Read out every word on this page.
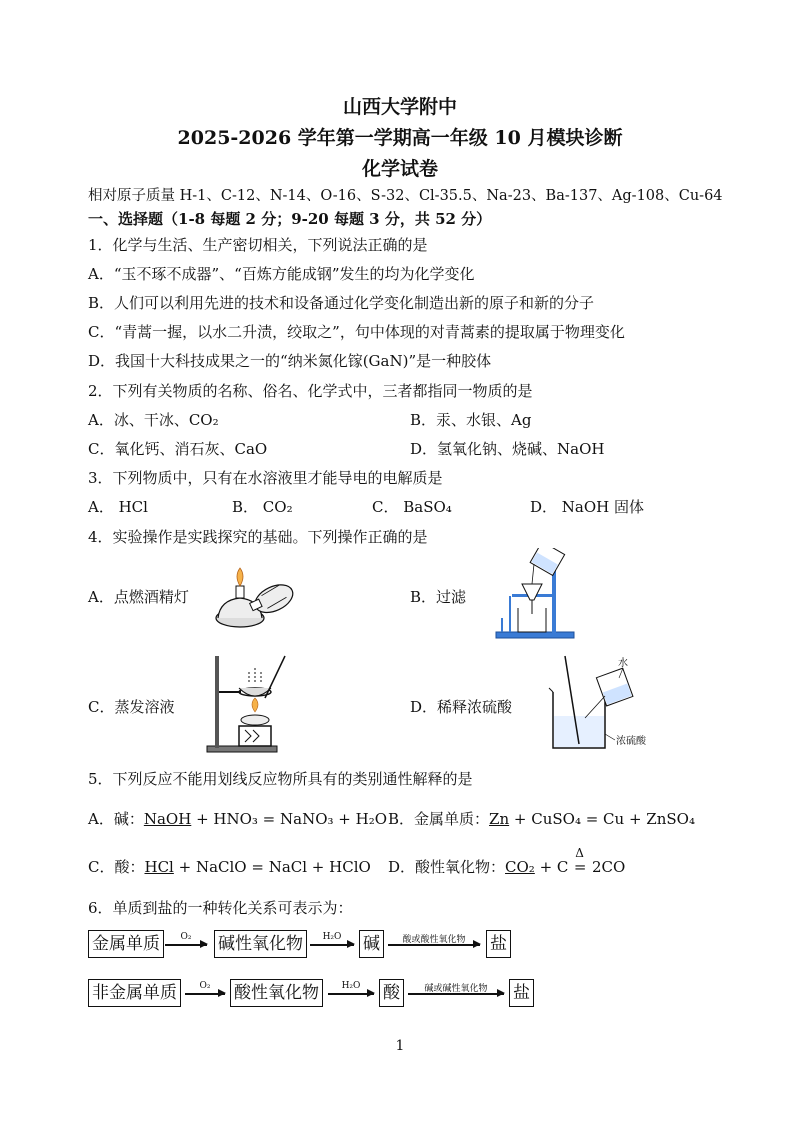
山西大学附中
2025-2026 学年第一学期高一年级 10 月模块诊断
化学试卷
相对原子质量 H-1、C-12、N-14、O-16、S-32、Cl-35.5、Na-23、Ba-137、Ag-108、Cu-64
一、选择题（1-8 每题 2 分；9-20 每题 3 分，共 52 分）
1．化学与生活、生产密切相关，下列说法正确的是
A．“玉不琢不成器”、“百炼方能成钢”发生的均为化学变化
B．人们可以利用先进的技术和设备通过化学变化制造出新的原子和新的分子
C．“青蒿一握，以水二升渍，绞取之”，句中体现的对青蒿素的提取属于物理变化
D．我国十大科技成果之一的“纳米氮化镓(GaN)”是一种胶体
2．下列有关物质的名称、俗名、化学式中，三者都指同一物质的是
A．冰、干冰、CO₂	B．汞、水银、Ag
C．氧化钙、消石灰、CaO	D．氢氧化钠、烧碱、NaOH
3．下列物质中，只有在水溶液里才能导电的电解质是
A． HCl	B． CO₂	C． BaSO₄	D． NaOH 固体
4．实验操作是实践探究的基础。下列操作正确的是
A．点燃酒精灯	B．过滤
C．蒸发溶液	D．稀释浓硫酸
水
浓硫酸
5．下列反应不能用划线反应物所具有的类别通性解释的是
A．碱：NaOH + HNO₃ = NaNO₃ + H₂O B．金属单质：Zn + CuSO₄ = Cu + ZnSO₄
C．酸：HCl + NaClO = NaCl + HClO D．酸性氧化物：CO₂ + C
Δ
= 2CO
6．单质到盐的一种转化关系可表示为：
金属单质	O₂	碱性氧化物	H₂O	碱	酸或酸性氧化物	盐
非金属单质	O₂	酸性氧化物	H₂O	酸	碱或碱性氧化物	盐
1
